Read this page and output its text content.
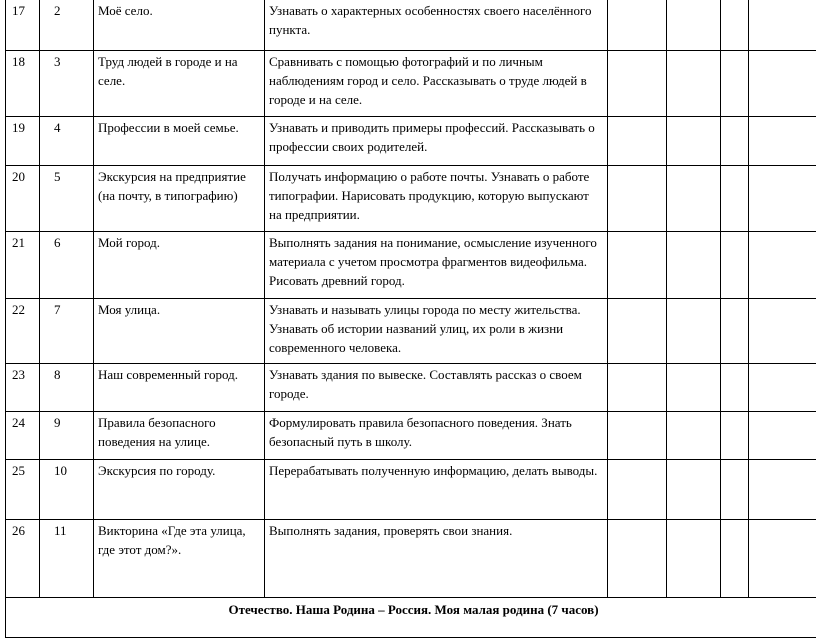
17	2	Моё село.	Узнавать о характерных особенностях своего населённого пункта.				
18	3	Труд людей в городе и на селе.	Сравнивать с помощью фотографий и по личным наблюдениям город и село. Рассказывать о труде людей в городе и на селе.				
19	4	Профессии в моей семье.	Узнавать и приводить примеры профессий. Рассказывать о профессии своих родителей.				
20	5	Экскурсия на предприятие (на почту, в типографию)	Получать информацию о работе почты. Узнавать о работе типографии. Нарисовать продукцию, которую выпускают на предприятии.				
21	6	Мой город.	Выполнять задания на понимание, осмысление изученного материала с учетом просмотра фрагментов видеофильма. Рисовать древний город.				
22	7	Моя улица.	Узнавать и называть улицы города по месту жительства. Узнавать об истории названий улиц, их роли в жизни современного человека.				
23	8	Наш современный город.	Узнавать здания по вывеске. Составлять рассказ о своем городе.				
24	9	Правила безопасного поведения на улице.	Формулировать правила безопасного поведения. Знать безопасный путь в школу.				
25	10	Экскурсия по городу.	Перерабатывать полученную информацию, делать выводы.				
26	11	Викторина «Где эта улица, где этот дом?».	Выполнять задания, проверять свои знания.				
Отечество. Наша Родина – Россия. Моя малая родина (7 часов)							
